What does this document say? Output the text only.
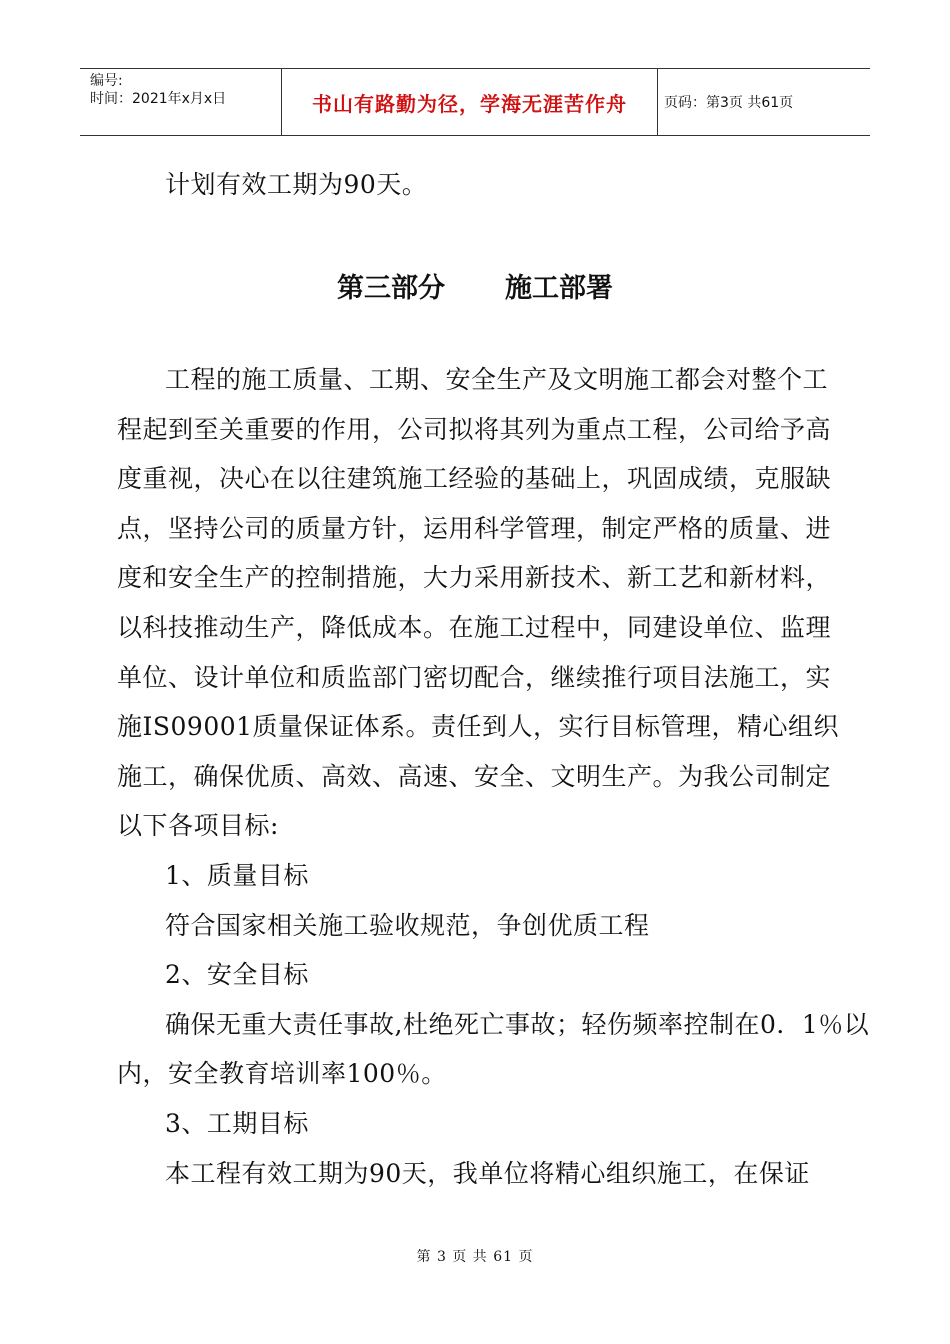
编号:
时间：2021年x月x日	书山有路勤为径，学海无涯苦作舟	页码：第3页 共61页
计划有效工期为90天。
第三部分 施工部署
工程的施工质量、工期、安全生产及文明施工都会对整个工
程起到至关重要的作用，公司拟将其列为重点工程，公司给予高
度重视，决心在以往建筑施工经验的基础上，巩固成绩，克服缺
点，坚持公司的质量方针，运用科学管理，制定严格的质量、进
度和安全生产的控制措施，大力采用新技术、新工艺和新材料，
以科技推动生产，降低成本。在施工过程中，同建设单位、监理
单位、设计单位和质监部门密切配合，继续推行项目法施工，实
施IS09001质量保证体系。责任到人，实行目标管理，精心组织
施工，确保优质、高效、高速、安全、文明生产。为我公司制定
以下各项目标:
1、质量目标
符合国家相关施工验收规范，争创优质工程
2、安全目标
确保无重大责任事故,杜绝死亡事故；轻伤频率控制在0．1％以
内，安全教育培训率100％。
3、工期目标
本工程有效工期为90天，我单位将精心组织施工，在保证
第 3 页 共 61 页
